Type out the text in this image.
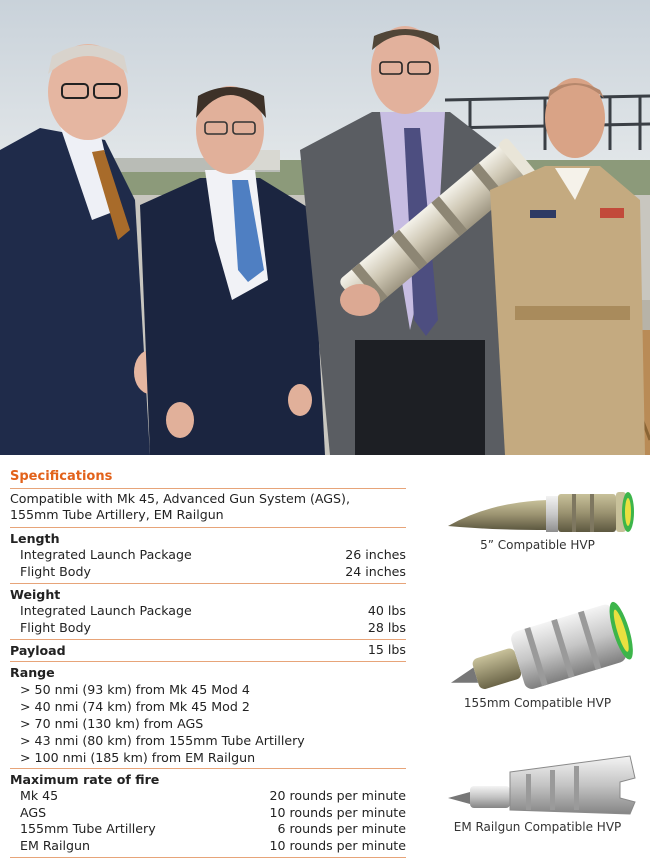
Specifications
Compatible with Mk 45, Advanced Gun System (AGS),
155mm Tube Artillery, EM Railgun
Length
Integrated Launch Package	26 inches
Flight Body	24 inches
Weight
Integrated Launch Package	40 lbs
Flight Body	28 lbs
Payload	15 lbs
Range
> 50 nmi (93 km) from Mk 45 Mod 4
> 40 nmi (74 km) from Mk 45 Mod 2
> 70 nmi (130 km) from AGS
> 43 nmi (80 km) from 155mm Tube Artillery
> 100 nmi (185 km) from EM Railgun
Maximum rate of fire
Mk 45	20 rounds per minute
AGS	10 rounds per minute
155mm Tube Artillery	6 rounds per minute
EM Railgun	10 rounds per minute
5” Compatible HVP
155mm Compatible HVP
EM Railgun Compatible HVP
